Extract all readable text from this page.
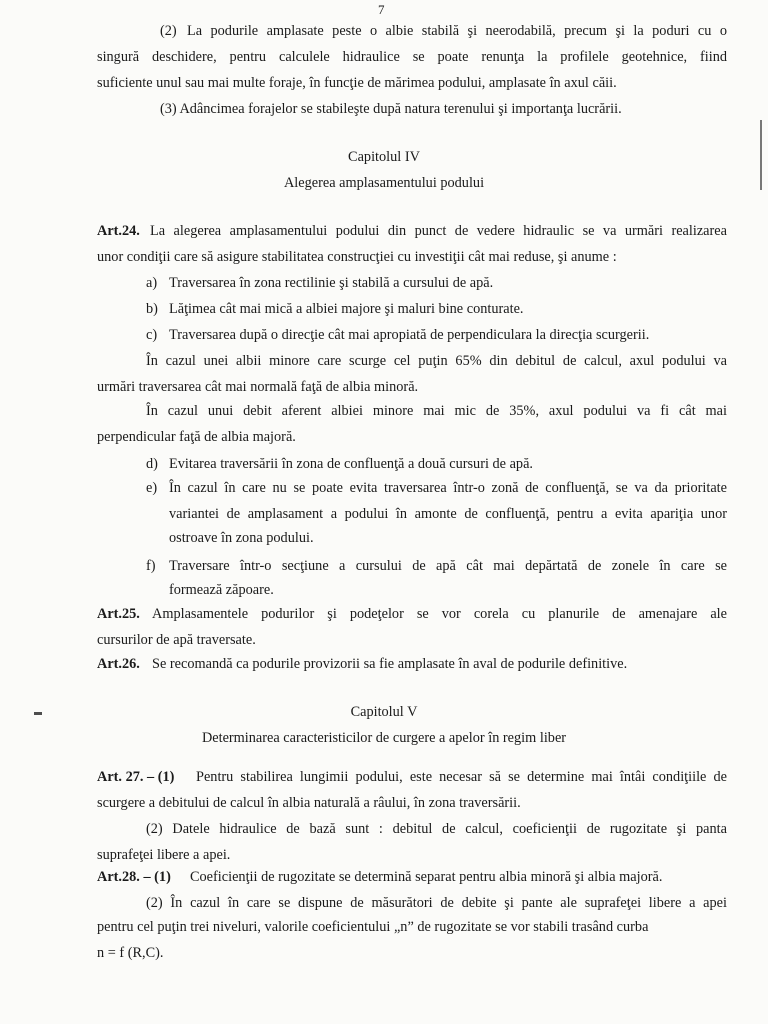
7
(2) La podurile amplasate peste o albie stabilă şi neerodabilă, precum şi la poduri cu o
singură deschidere, pentru calculele hidraulice se poate renunţa la profilele geotehnice, fiind
suficiente unul sau mai multe foraje, în funcţie de mărimea podului, amplasate în axul căii.
(3) Adâncimea forajelor se stabileşte după natura terenului şi importanţa lucrării.
Capitolul IV
Alegerea amplasamentului podului
Art.24. La alegerea amplasamentului podului din punct de vedere hidraulic se va urmări realizarea
unor condiţii care să asigure stabilitatea construcţiei cu investiţii cât mai reduse, şi anume :
a) Traversarea în zona rectilinie şi stabilă a cursului de apă.
b) Lăţimea cât mai mică a albiei majore şi maluri bine conturate.
c) Traversarea după o direcţie cât mai apropiată de perpendiculara la direcţia scurgerii.
În cazul unei albii minore care scurge cel puţin 65% din debitul de calcul, axul podului va
urmări traversarea cât mai normală faţă de albia minoră.
În cazul unui debit aferent albiei minore mai mic de 35%, axul podului va fi cât mai
perpendicular faţă de albia majoră.
d) Evitarea traversării în zona de confluenţă a două cursuri de apă.
e) În cazul în care nu se poate evita traversarea într-o zonă de confluenţă, se va da prioritate
variantei de amplasament a podului în amonte de confluenţă, pentru a evita apariţia unor
ostroave în zona podului.
f) Traversare într-o secţiune a cursului de apă cât mai depărtată de zonele în care se
formează zăpoare.
Art.25. Amplasamentele podurilor şi podeţelor se vor corela cu planurile de amenajare ale
cursurilor de apă traversate.
Art.26. Se recomandă ca podurile provizorii sa fie amplasate în aval de podurile definitive.
Capitolul V
Determinarea caracteristicilor de curgere a apelor în regim liber
Art. 27. – (1) Pentru stabilirea lungimii podului, este necesar să se determine mai întâi condiţiile de
scurgere a debitului de calcul în albia naturală a râului, în zona traversării.
(2) Datele hidraulice de bază sunt : debitul de calcul, coeficienţii de rugozitate şi panta
suprafeţei libere a apei.
Art.28. – (1) Coeficienţii de rugozitate se determină separat pentru albia minoră şi albia majoră.
(2) În cazul în care se dispune de măsurători de debite şi pante ale suprafeţei libere a apei
pentru cel puţin trei niveluri, valorile coeficientului „n” de rugozitate se vor stabili trasând curba
n = f (R,C).
